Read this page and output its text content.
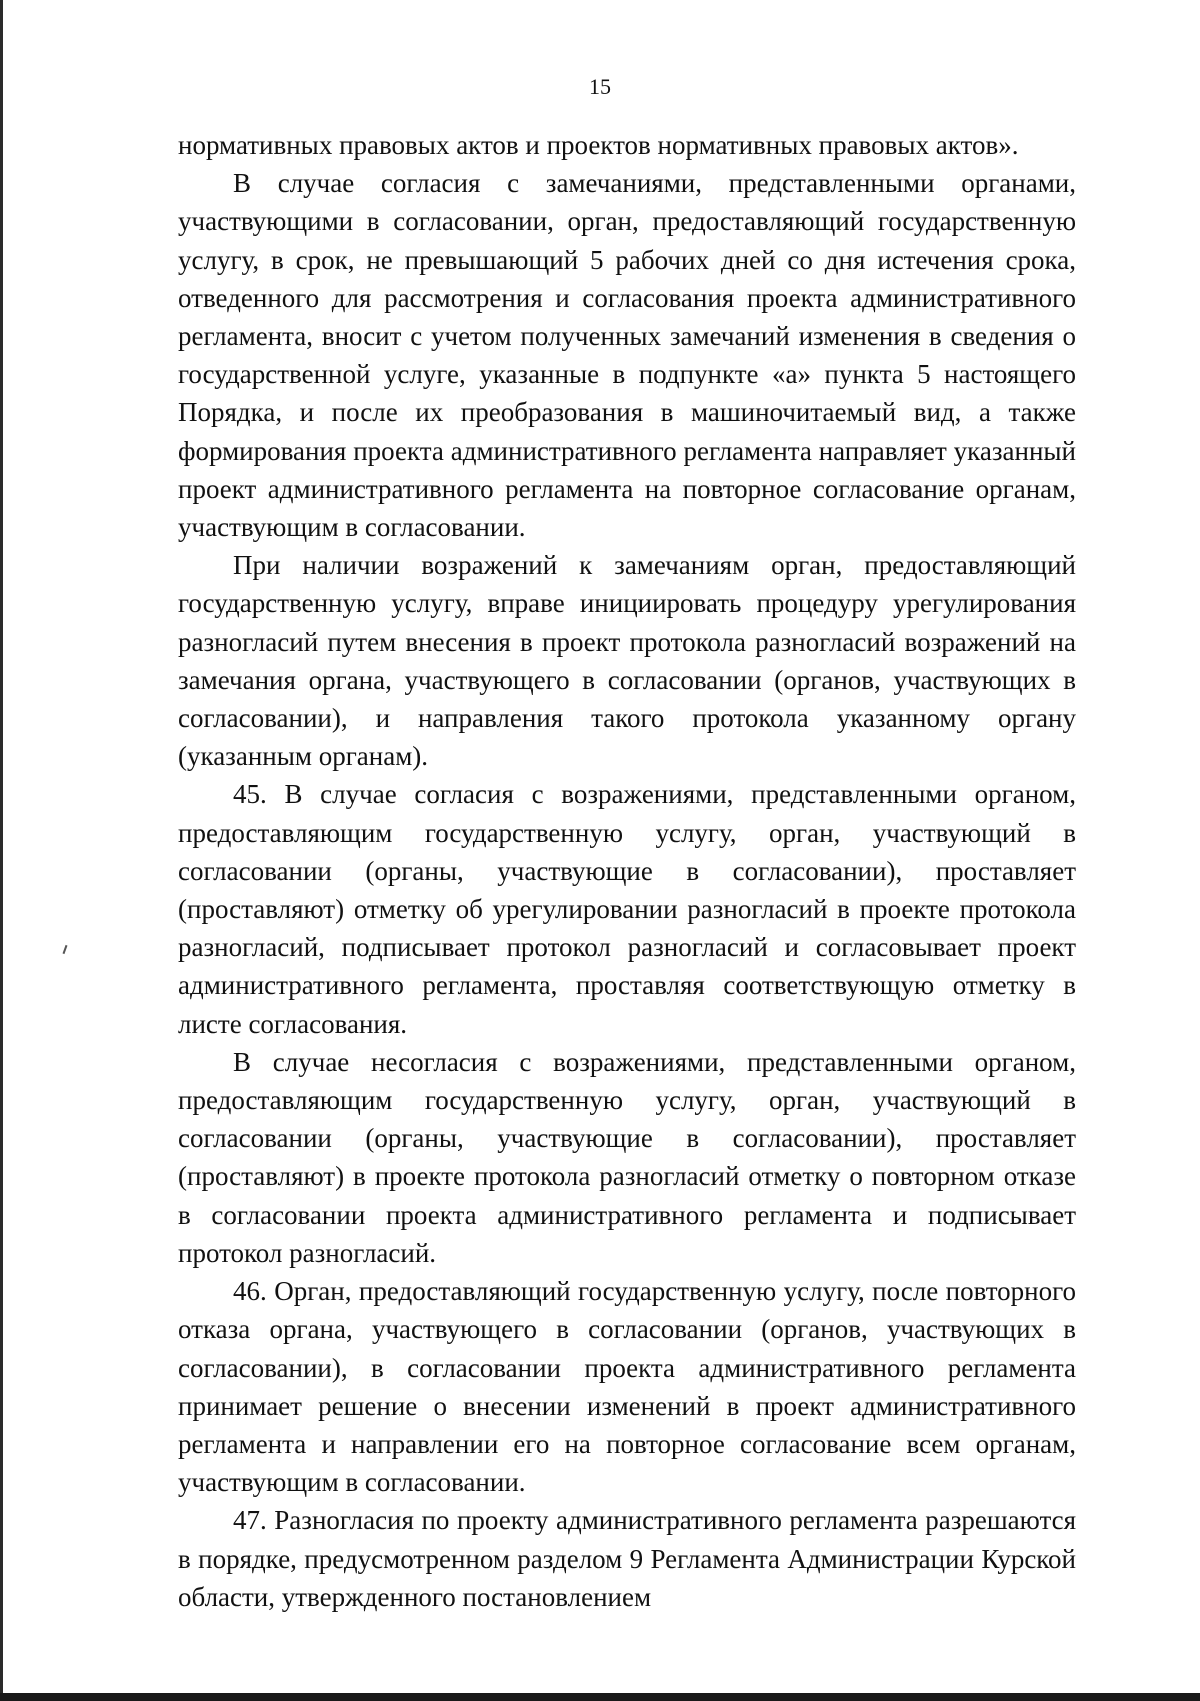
15

нормативных правовых актов и проектов нормативных правовых актов».

В случае согласия с замечаниями, представленными органами, участвующими в согласовании, орган, предоставляющий государственную услугу, в срок, не превышающий 5 рабочих дней со дня истечения срока, отведенного для рассмотрения и согласования проекта административного регламента, вносит с учетом полученных замечаний изменения в сведения о государственной услуге, указанные в подпункте «а» пункта 5 настоящего Порядка, и после их преобразования в машиночитаемый вид, а также формирования проекта административного регламента направляет указанный проект административного регламента на повторное согласование органам, участвующим в согласовании.

При наличии возражений к замечаниям орган, предоставляющий государственную услугу, вправе инициировать процедуру урегулирования разногласий путем внесения в проект протокола разногласий возражений на замечания органа, участвующего в согласовании (органов, участвующих в согласовании), и направления такого протокола указанному органу (указанным органам).

45. В случае согласия с возражениями, представленными органом, предоставляющим государственную услугу, орган, участвующий в согласовании (органы, участвующие в согласовании), проставляет (проставляют) отметку об урегулировании разногласий в проекте протокола разногласий, подписывает протокол разногласий и согласовывает проект административного регламента, проставляя соответствующую отметку в листе согласования.

В случае несогласия с возражениями, представленными органом, предоставляющим государственную услугу, орган, участвующий в согласовании (органы, участвующие в согласовании), проставляет (проставляют) в проекте протокола разногласий отметку о повторном отказе в согласовании проекта административного регламента и подписывает протокол разногласий.

46. Орган, предоставляющий государственную услугу, после повторного отказа органа, участвующего в согласовании (органов, участвующих в согласовании), в согласовании проекта административного регламента принимает решение о внесении изменений в проект административного регламента и направлении его на повторное согласование всем органам, участвующим в согласовании.

47. Разногласия по проекту административного регламента разрешаются в порядке, предусмотренном разделом 9 Регламента Администрации Курской области, утвержденного постановлением
